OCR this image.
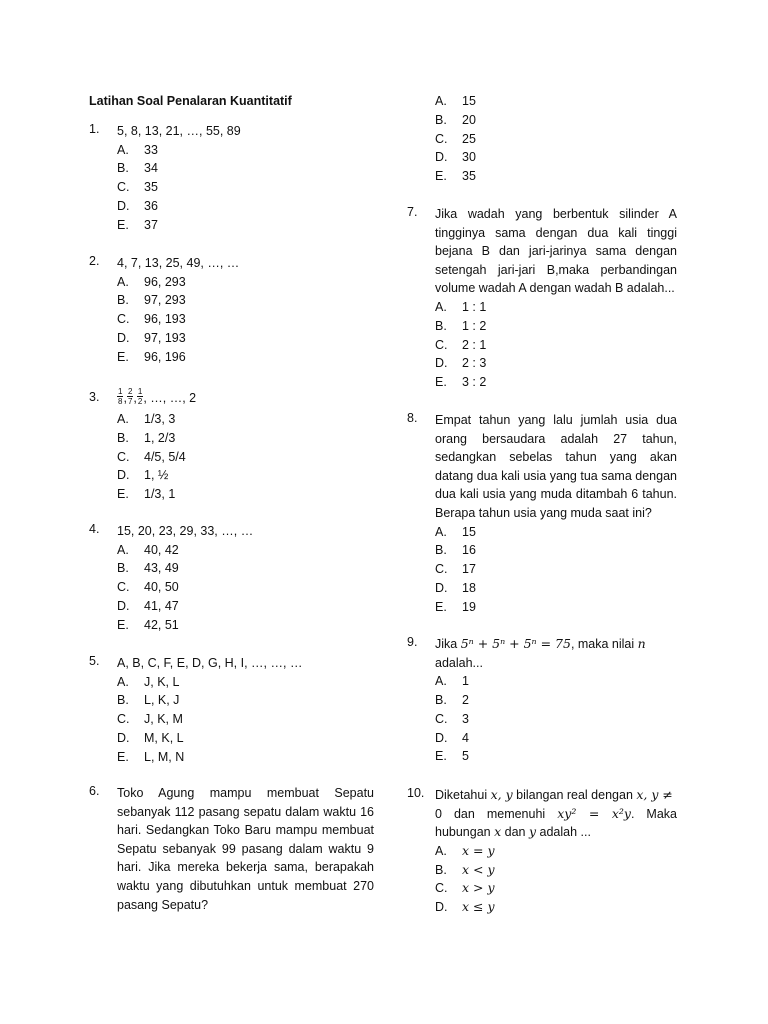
Latihan Soal Penalaran Kuantitatif
1. 5, 8, 13, 21, …, 55, 89
A. 33
B. 34
C. 35
D. 36
E. 37
2. 4, 7, 13, 25, 49, …, …
A. 96, 293
B. 97, 293
C. 96, 193
D. 97, 193
E. 96, 196
3. $\frac{1}{8}$ , $\frac{2}{7}$ , $\frac{1}{2}$ , …, …, 2
A. 1/3, 3
B. 1, 2/3
C. 4/5, 5/4
D. 1, ½
E. 1/3, 1
4. 15, 20, 23, 29, 33, …, …
A. 40, 42
B. 43, 49
C. 40, 50
D. 41, 47
E. 42, 51
5. A, B, C, F, E, D, G, H, I, …, …, …
A. J, K, L
B. L, K, J
C. J, K, M
D. M, K, L
E. L, M, N
6. Toko Agung mampu membuat Sepatu sebanyak 112 pasang sepatu dalam waktu 16 hari. Sedangkan Toko Baru mampu membuat Sepatu sebanyak 99 pasang dalam waktu 9 hari. Jika mereka bekerja sama, berapakah waktu yang dibutuhkan untuk membuat 270 pasang Sepatu?
A. 15
B. 20
C. 25
D. 30
E. 35
7. Jika wadah yang berbentuk silinder A tingginya sama dengan dua kali tinggi bejana B dan jari-jarinya sama dengan setengah jari-jari B,maka perbandingan volume wadah A dengan wadah B adalah...
A. 1 : 1
B. 1 : 2
C. 2 : 1
D. 2 : 3
E. 3 : 2
8. Empat tahun yang lalu jumlah usia dua orang bersaudara adalah 27 tahun, sedangkan sebelas tahun yang akan datang dua kali usia yang tua sama dengan dua kali usia yang muda ditambah 6 tahun. Berapa tahun usia yang muda saat ini?
A. 15
B. 16
C. 17
D. 18
E. 19
9. Jika 5ⁿ + 5ⁿ + 5ⁿ = 75, maka nilai n
adalah...
A. 1
B. 2
C. 3
D. 4
E. 5
10. Diketahui x, y bilangan real dengan x, y ≠
0 dan memenuhi xy² = x²y. Maka hubungan x dan y adalah ...
A. x = y
B. x < y
C. x > y
D. x ≤ y
